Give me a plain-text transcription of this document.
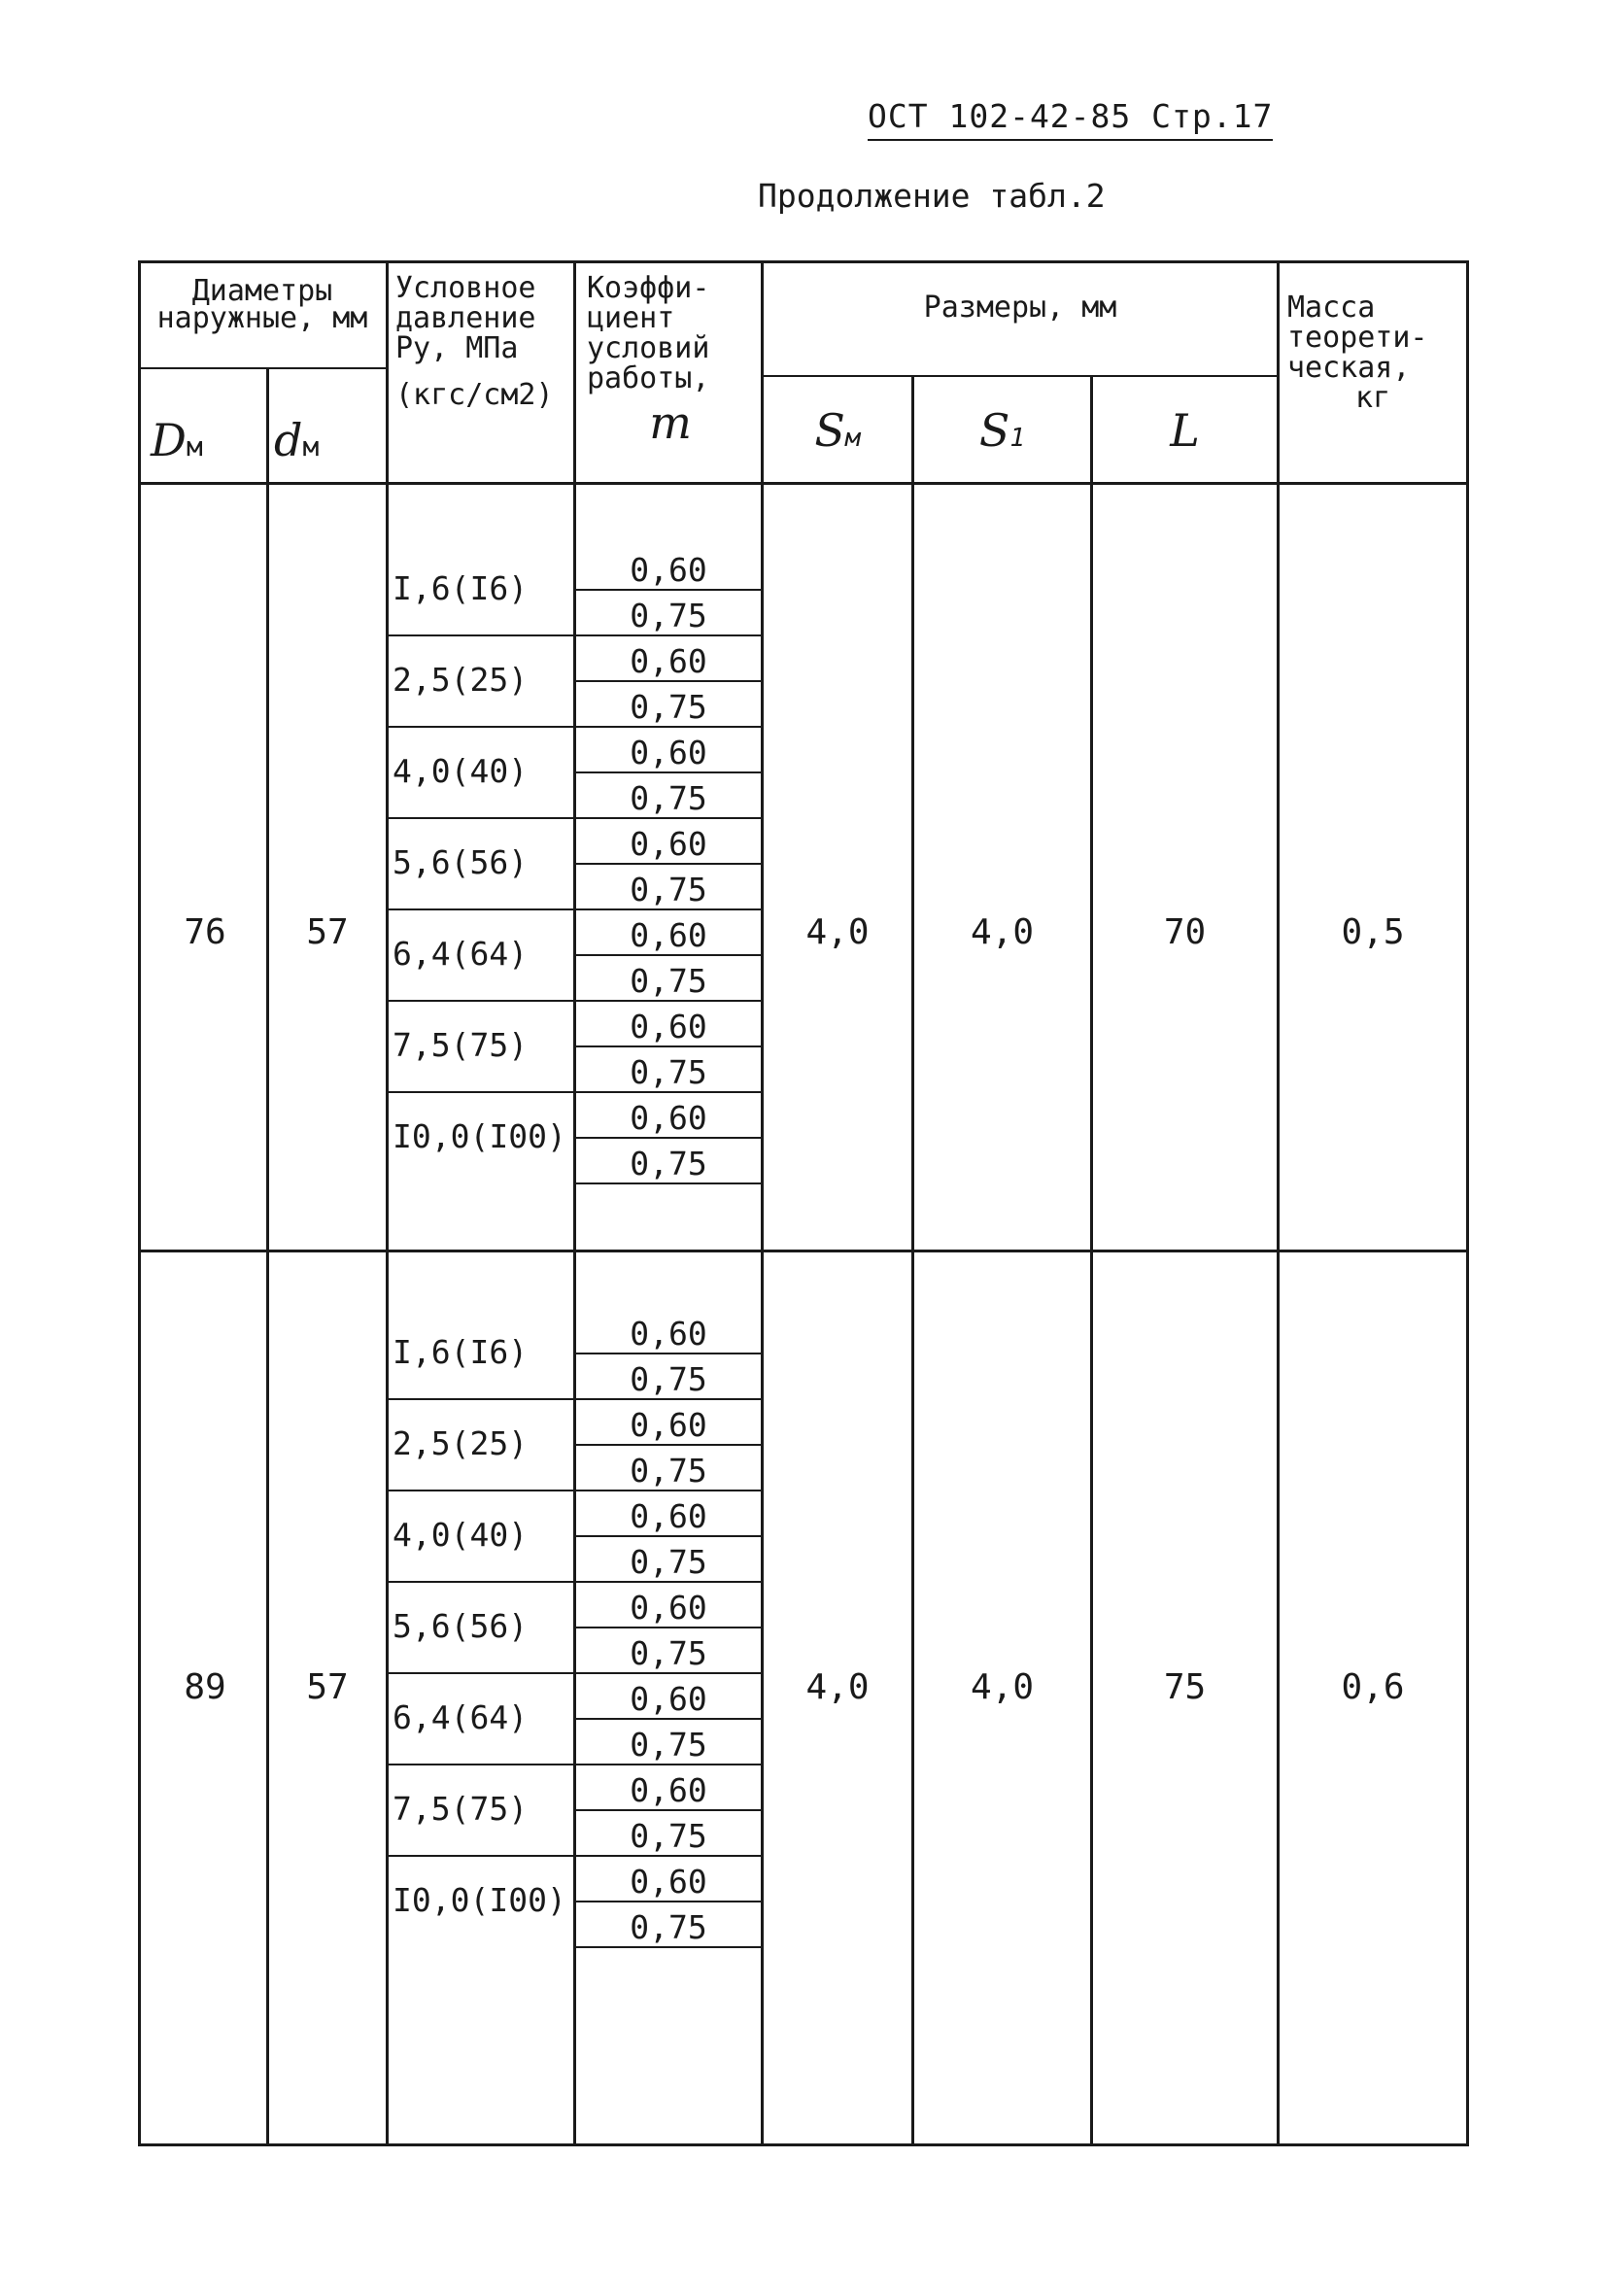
ОСТ 102-42-85 Стр.17
Продолжение табл.2
Диаметры наружные, мм
Dм dм
Условное
давление
Ру, МПа
(кгс/см2)
Коэффи-
циент
условий
работы,
m
Размеры, мм
Sм	S1	L
Масса
теорети-
ческая,
кг
I,6(I6)	0,60
0,75
2,5(25)	0,60
0,75
4,0(40)	0,60
0,75
5,6(56)	0,60
0,75
6,4(64)	0,60
0,75
7,5(75)	0,60
0,75
I0,0(I00)	0,60
0,75
76	57	4,0	4,0	70	0,5
I,6(I6)	0,60
0,75
2,5(25)	0,60
0,75
4,0(40)	0,60
0,75
5,6(56)	0,60
0,75
6,4(64)	0,60
0,75
7,5(75)	0,60
0,75
I0,0(I00)	0,60
0,75
89	57	4,0	4,0	75	0,6
